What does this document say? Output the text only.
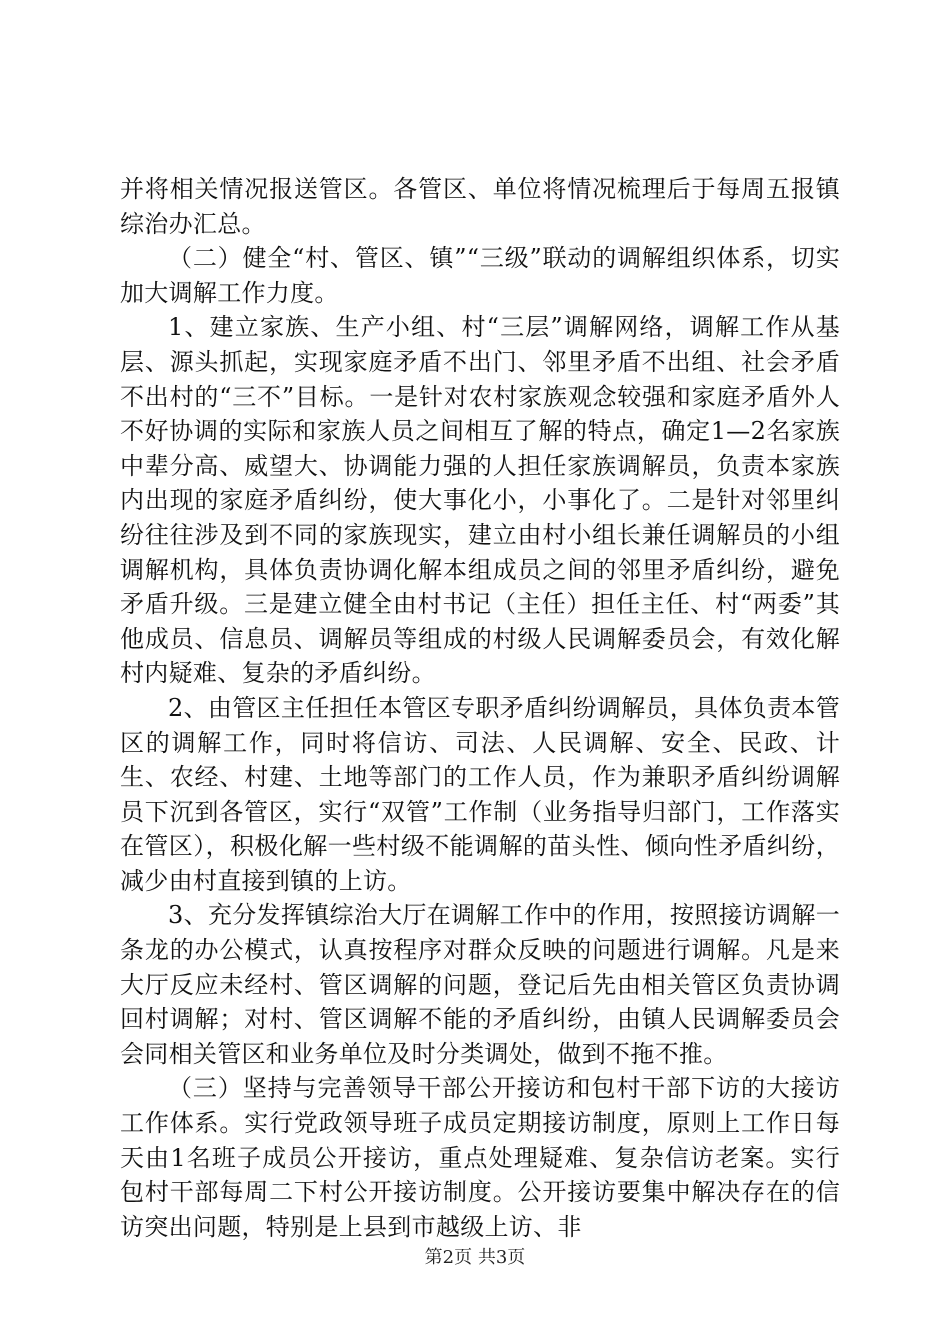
并将相关情况报送管区。各管区、单位将情况梳理后于每周五报镇综治办汇总。

（二）健全“村、管区、镇”“三级”联动的调解组织体系，切实加大调解工作力度。

1、建立家族、生产小组、村“三层”调解网络，调解工作从基层、源头抓起，实现家庭矛盾不出门、邻里矛盾不出组、社会矛盾不出村的“三不”目标。一是针对农村家族观念较强和家庭矛盾外人不好协调的实际和家族人员之间相互了解的特点，确定1—2名家族中辈分高、威望大、协调能力强的人担任家族调解员，负责本家族内出现的家庭矛盾纠纷，使大事化小，小事化了。二是针对邻里纠纷往往涉及到不同的家族现实，建立由村小组长兼任调解员的小组调解机构，具体负责协调化解本组成员之间的邻里矛盾纠纷，避免矛盾升级。三是建立健全由村书记（主任）担任主任、村“两委”其他成员、信息员、调解员等组成的村级人民调解委员会，有效化解村内疑难、复杂的矛盾纠纷。

2、由管区主任担任本管区专职矛盾纠纷调解员，具体负责本管区的调解工作，同时将信访、司法、人民调解、安全、民政、计生、农经、村建、土地等部门的工作人员，作为兼职矛盾纠纷调解员下沉到各管区，实行“双管”工作制（业务指导归部门，工作落实在管区），积极化解一些村级不能调解的苗头性、倾向性矛盾纠纷，减少由村直接到镇的上访。

3、充分发挥镇综治大厅在调解工作中的作用，按照接访调解一条龙的办公模式，认真按程序对群众反映的问题进行调解。凡是来大厅反应未经村、管区调解的问题，登记后先由相关管区负责协调回村调解；对村、管区调解不能的矛盾纠纷，由镇人民调解委员会会同相关管区和业务单位及时分类调处，做到不拖不推。

（三）坚持与完善领导干部公开接访和包村干部下访的大接访工作体系。实行党政领导班子成员定期接访制度，原则上工作日每天由1名班子成员公开接访，重点处理疑难、复杂信访老案。实行包村干部每周二下村公开接访制度。公开接访要集中解决存在的信访突出问题，特别是上县到市越级上访、非

第2页 共3页
